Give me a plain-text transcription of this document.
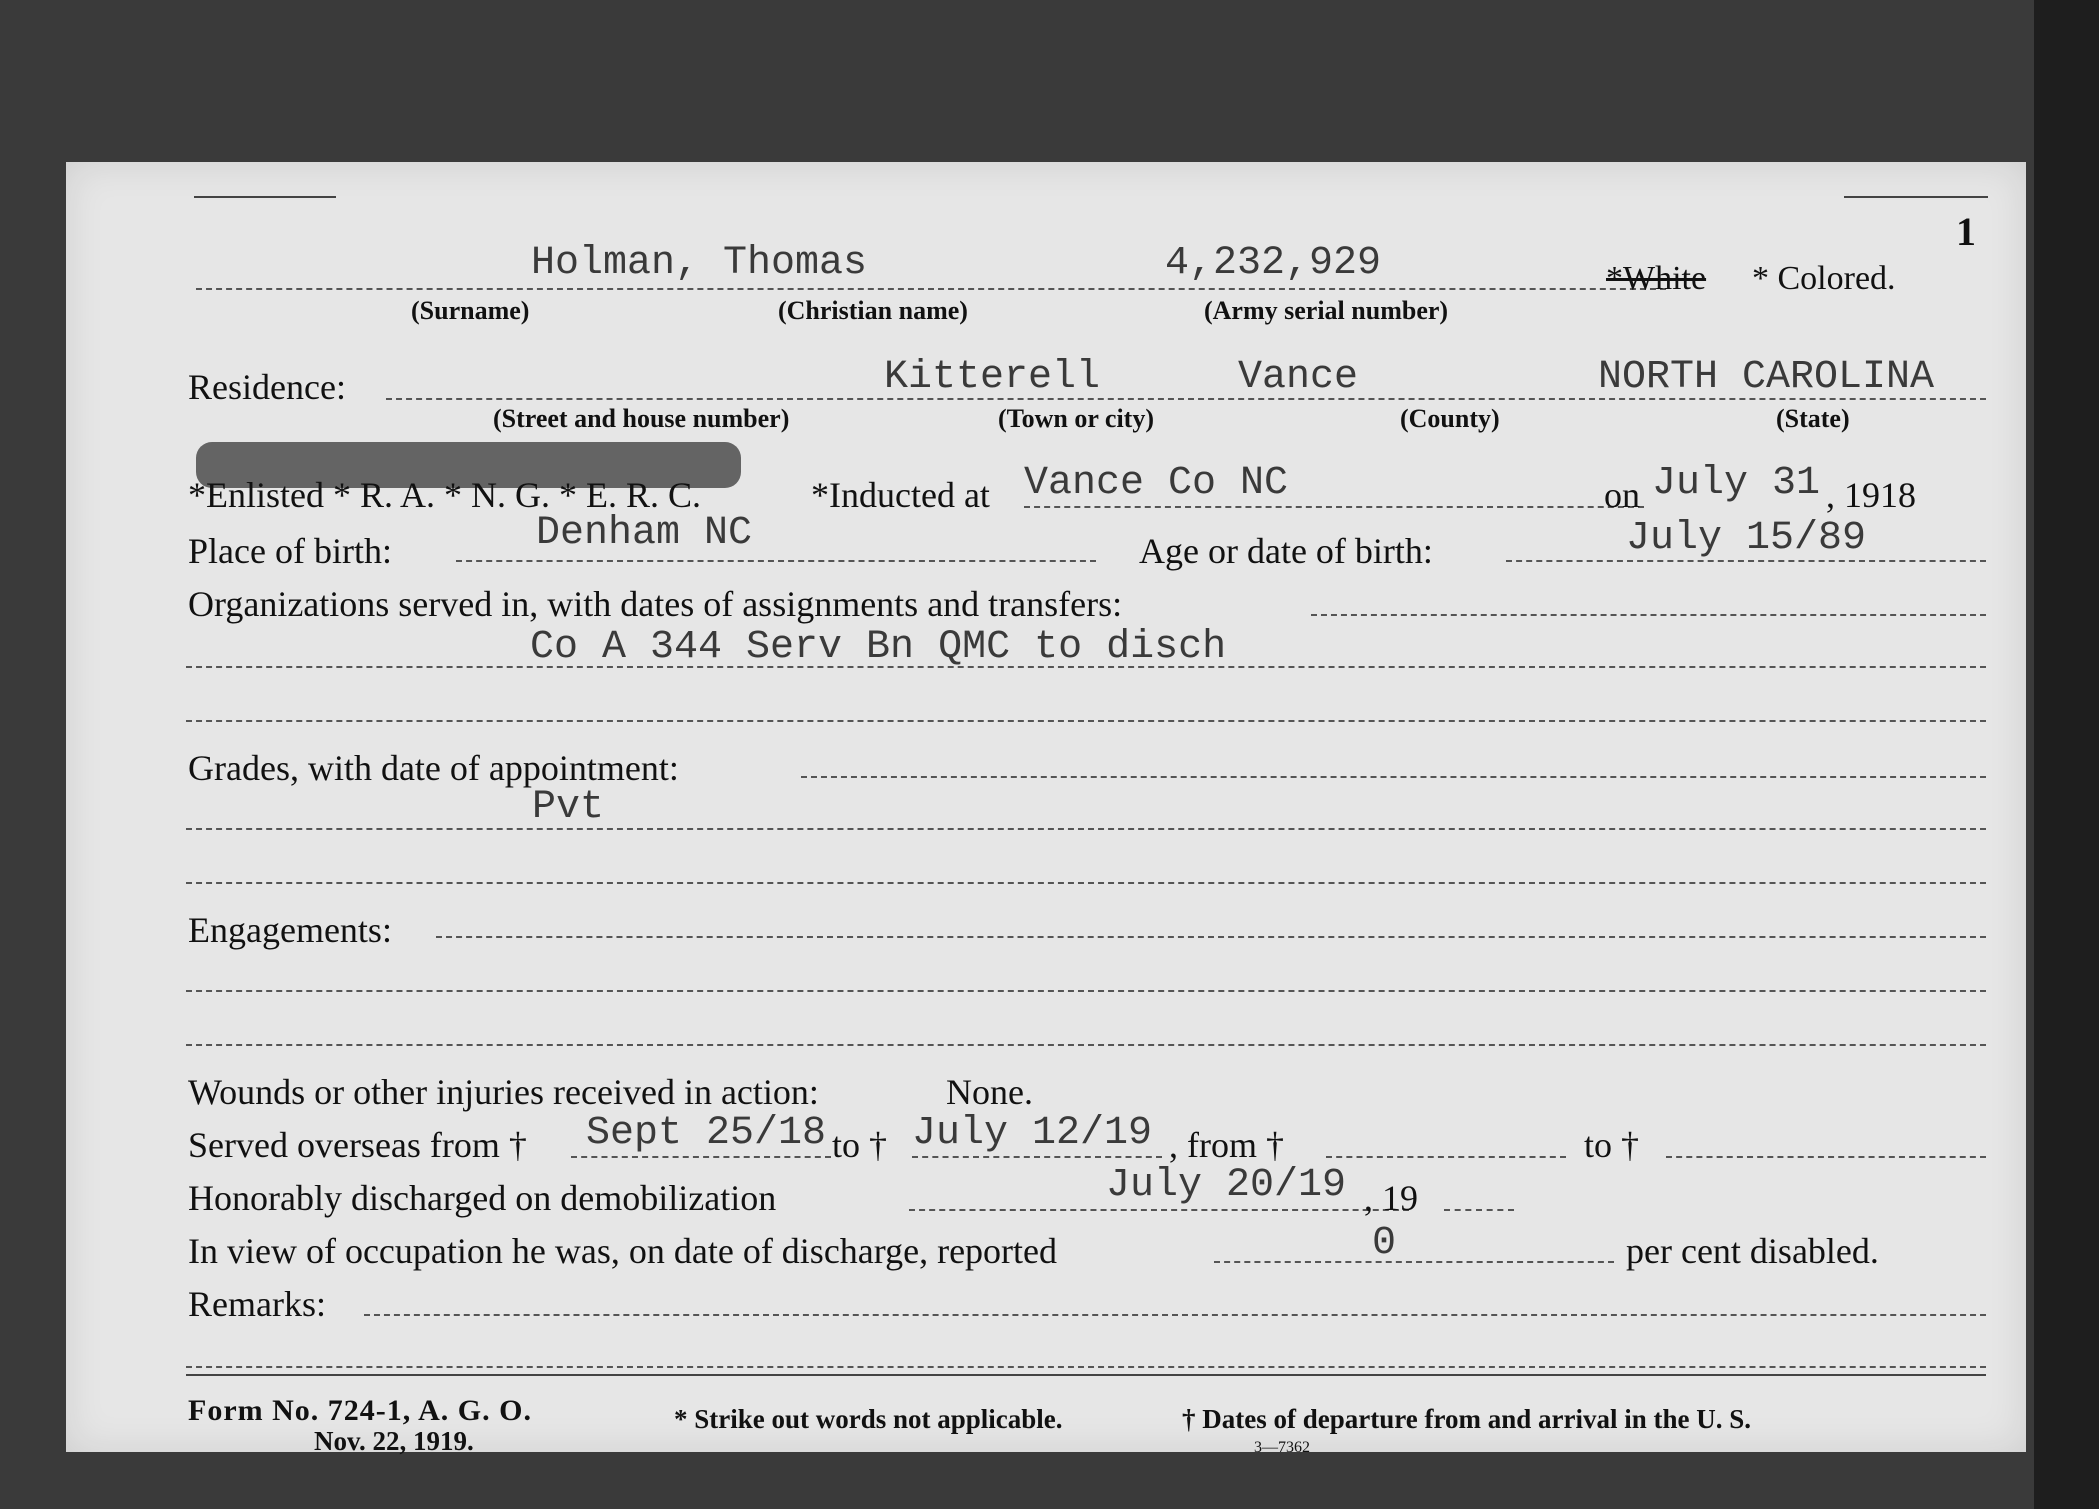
1
Holman, Thomas	4,232,929	*White * Colored.
(Surname)	(Christian name)	(Army serial number)
Residence:	Kitterell	Vance	NORTH CAROLINA
(Street and house number)	(Town or city)	(County)	(State)
*Enlisted * R. A. * N. G. * E. R. C.	*Inducted at Vance Co NC	on July 31 , 1918
Place of birth:	Denham NC	Age or date of birth:	July 15/89
Organizations served in, with dates of assignments and transfers:
Co A 344 Serv Bn QMC to disch
Grades, with date of appointment:
Pvt
Engagements:
Wounds or other injuries received in action:	None.
Served overseas from † Sept 25/18 to † July 12/19 , from †	to †
Honorably discharged on demobilization	July 20/19 , 19
In view of occupation he was, on date of discharge, reported	0	per cent disabled.
Remarks:
Form No. 724-1, A. G. O.
Nov. 22, 1919.
* Strike out words not applicable.	† Dates of departure from and arrival in the U. S.
3—7362
